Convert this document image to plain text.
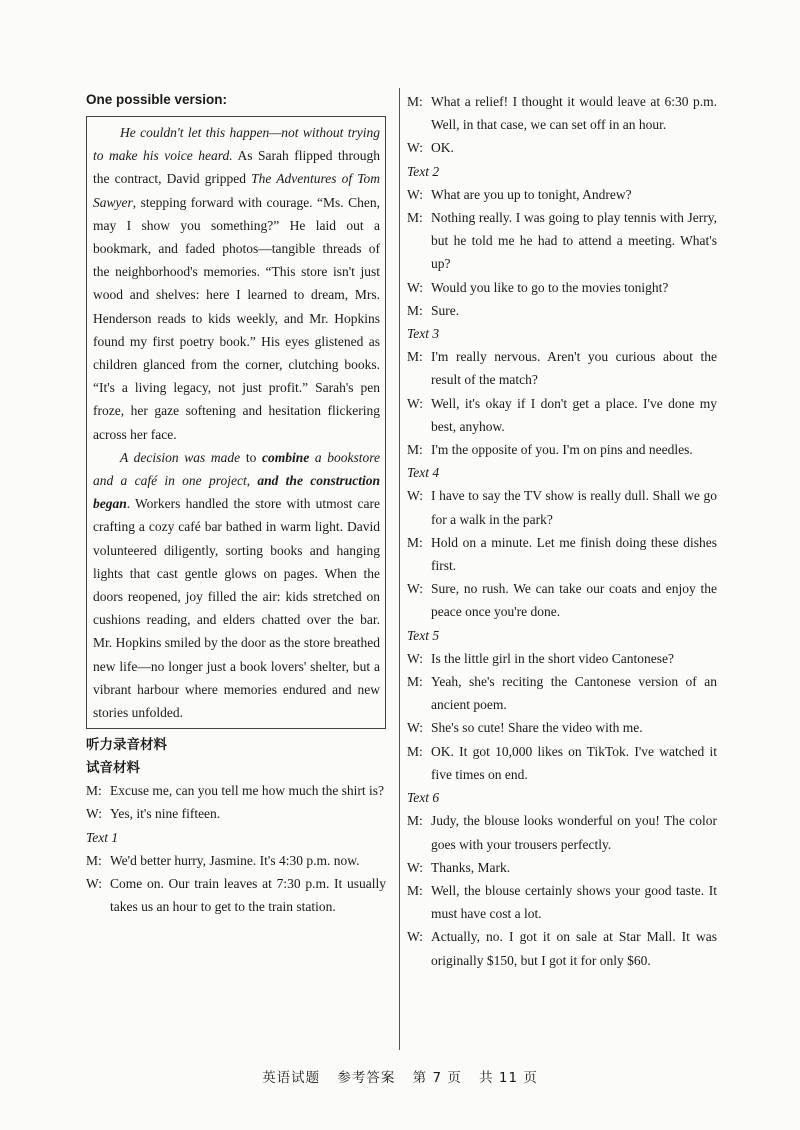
One possible version:

He couldn't let this happen—not without trying to make his voice heard. As Sarah flipped through the contract, David gripped The Adventures of Tom Sawyer, stepping forward with courage. “Ms. Chen, may I show you something?” He laid out a bookmark, and faded photos—tangible threads of the neighborhood's memories. “This store isn't just wood and shelves: here I learned to dream, Mrs. Henderson reads to kids weekly, and Mr. Hopkins found my first poetry book.” His eyes glistened as children glanced from the corner, clutching books. “It's a living legacy, not just profit.” Sarah's pen froze, her gaze softening and hesitation flickering across her face.

A decision was made to combine a bookstore and a café in one project, and the construction began. Workers handled the store with utmost care crafting a cozy café bar bathed in warm light. David volunteered diligently, sorting books and hanging lights that cast gentle glows on pages. When the doors reopened, joy filled the air: kids stretched on cushions reading, and elders chatted over the bar. Mr. Hopkins smiled by the door as the store breathed new life—no longer just a book lovers' shelter, but a vibrant harbour where memories endured and new stories unfolded.

听力录音材料
试音材料
M: Excuse me, can you tell me how much the shirt is?
W: Yes, it's nine fifteen.
Text 1
M: We'd better hurry, Jasmine. It's 4:30 p.m. now.
W: Come on. Our train leaves at 7:30 p.m. It usually takes us an hour to get to the train station.
M: What a relief! I thought it would leave at 6:30 p.m. Well, in that case, we can set off in an hour.
W: OK.
Text 2
W: What are you up to tonight, Andrew?
M: Nothing really. I was going to play tennis with Jerry, but he told me he had to attend a meeting. What's up?
W: Would you like to go to the movies tonight?
M: Sure.
Text 3
M: I'm really nervous. Aren't you curious about the result of the match?
W: Well, it's okay if I don't get a place. I've done my best, anyhow.
M: I'm the opposite of you. I'm on pins and needles.
Text 4
W: I have to say the TV show is really dull. Shall we go for a walk in the park?
M: Hold on a minute. Let me finish doing these dishes first.
W: Sure, no rush. We can take our coats and enjoy the peace once you're done.
Text 5
W: Is the little girl in the short video Cantonese?
M: Yeah, she's reciting the Cantonese version of an ancient poem.
W: She's so cute! Share the video with me.
M: OK. It got 10,000 likes on TikTok. I've watched it five times on end.
Text 6
M: Judy, the blouse looks wonderful on you! The color goes with your trousers perfectly.
W: Thanks, Mark.
M: Well, the blouse certainly shows your good taste. It must have cost a lot.
W: Actually, no. I got it on sale at Star Mall. It was originally $150, but I got it for only $60.
英语试题 参考答案 第 7 页 共 11 页
